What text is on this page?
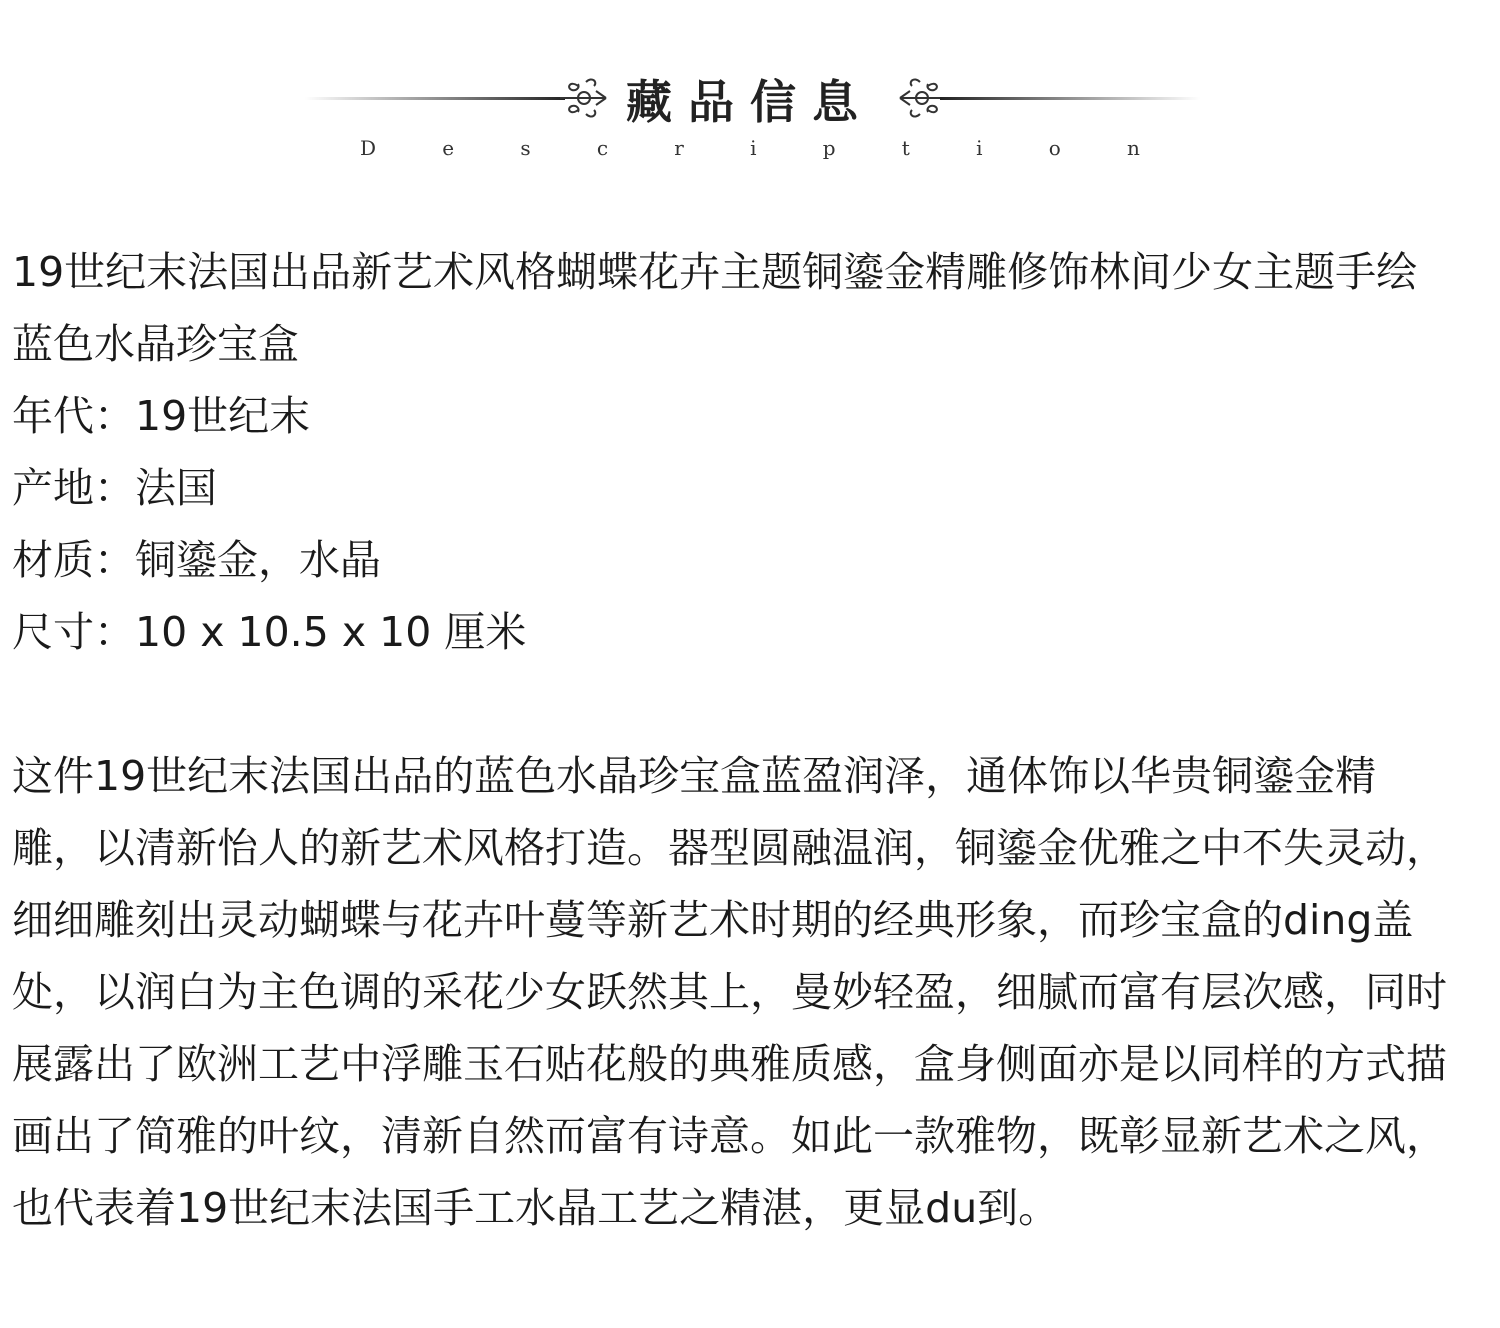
藏品信息
D	e	s	c	r	i	p	t	i	o	n

19世纪末法国出品新艺术风格蝴蝶花卉主题铜鎏金精雕修饰林间少女主题手绘蓝色水晶珍宝盒

年代：19世纪末

产地：法国

材质：铜鎏金，水晶

尺寸：10 x 10.5 x 10 厘米

这件19世纪末法国出品的蓝色水晶珍宝盒蓝盈润泽，通体饰以华贵铜鎏金精雕，以清新怡人的新艺术风格打造。器型圆融温润，铜鎏金优雅之中不失灵动，细细雕刻出灵动蝴蝶与花卉叶蔓等新艺术时期的经典形象，而珍宝盒的ding盖处，以润白为主色调的采花少女跃然其上，曼妙轻盈，细腻而富有层次感，同时展露出了欧洲工艺中浮雕玉石贴花般的典雅质感，盒身侧面亦是以同样的方式描画出了简雅的叶纹，清新自然而富有诗意。如此一款雅物，既彰显新艺术之风，也代表着19世纪末法国手工水晶工艺之精湛，更显du到。
